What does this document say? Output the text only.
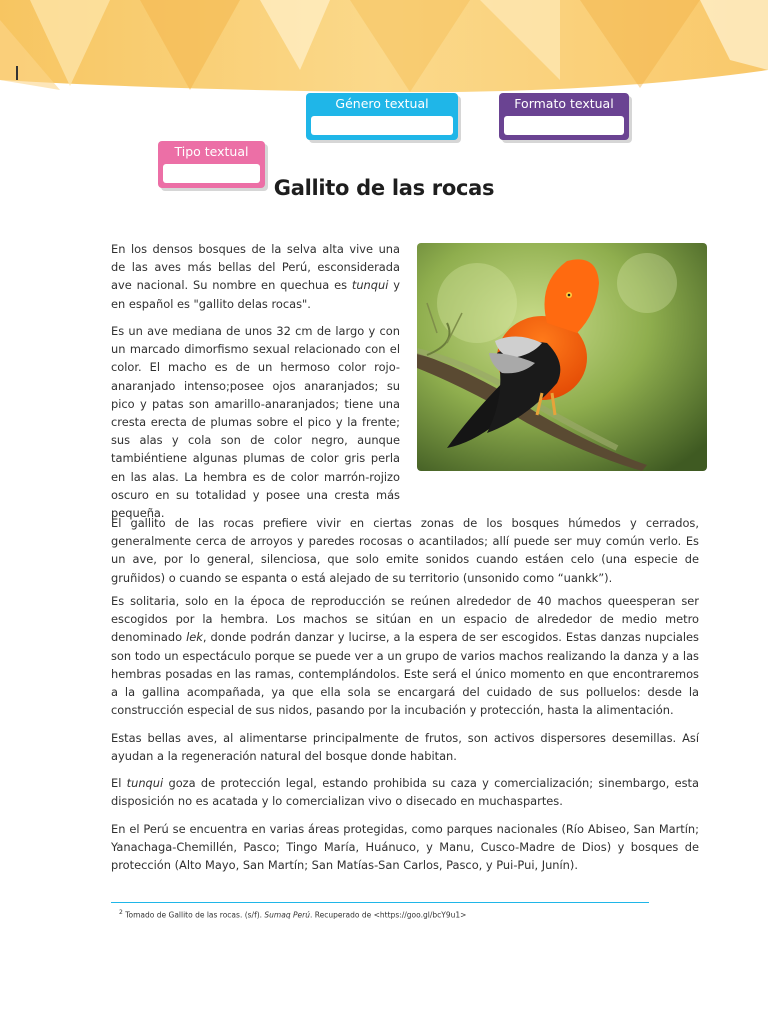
Género textual	Formato textual
Tipo textual
Gallito de las rocas

En los densos bosques de la selva alta vive una de las aves más bellas del Perú, esconsiderada ave nacional. Su nombre en quechua es tunqui y en español es "gallito delas rocas".

Es un ave mediana de unos 32 cm de largo y con un marcado dimorfismo sexual relacionado con el color. El macho es de un hermoso color rojo-anaranjado intenso;posee ojos anaranjados; su pico y patas son amarillo-anaranjados; tiene una cresta erecta de plumas sobre el pico y la frente; sus alas y cola son de color negro, aunque tambiéntiene algunas plumas de color gris perla en las alas. La hembra es de color marrón-rojizo oscuro en su totalidad y posee una cresta más pequeña.

El gallito de las rocas prefiere vivir en ciertas zonas de los bosques húmedos y cerrados, generalmente cerca de arroyos y paredes rocosas o acantilados; allí puede ser muy común verlo. Es un ave, por lo general, silenciosa, que solo emite sonidos cuando estáen celo (una especie de gruñidos) o cuando se espanta o está alejado de su territorio (unsonido como “uankk”).

Es solitaria, solo en la época de reproducción se reúnen alrededor de 40 machos queesperan ser escogidos por la hembra. Los machos se sitúan en un espacio de alrededor de medio metro denominado lek, donde podrán danzar y lucirse, a la espera de ser escogidos. Estas danzas nupciales son todo un espectáculo porque se puede ver a un grupo de varios machos realizando la danza y a las hembras posadas en las ramas, contemplándolos. Este será el único momento en que encontraremos a la gallina acompañada, ya que ella sola se encargará del cuidado de sus polluelos: desde la construcción especial de sus nidos, pasando por la incubación y protección, hasta la alimentación.

Estas bellas aves, al alimentarse principalmente de frutos, son activos dispersores desemillas. Así ayudan a la regeneración natural del bosque donde habitan.

El tunqui goza de protección legal, estando prohibida su caza y comercialización; sinembargo, esta disposición no es acatada y lo comercializan vivo o disecado en muchaspartes.

En el Perú se encuentra en varias áreas protegidas, como parques nacionales (Río Abiseo, San Martín; Yanachaga-Chemillén, Pasco; Tingo María, Huánuco, y Manu, Cusco-Madre de Dios) y bosques de protección (Alto Mayo, San Martín; San Matías-San Carlos, Pasco, y Pui-Pui, Junín).

$^2$ Tomado de Gallito de las rocas. (s/f). Sumaq Perú. Recuperado de <https://goo.gl/bcY9u1>
